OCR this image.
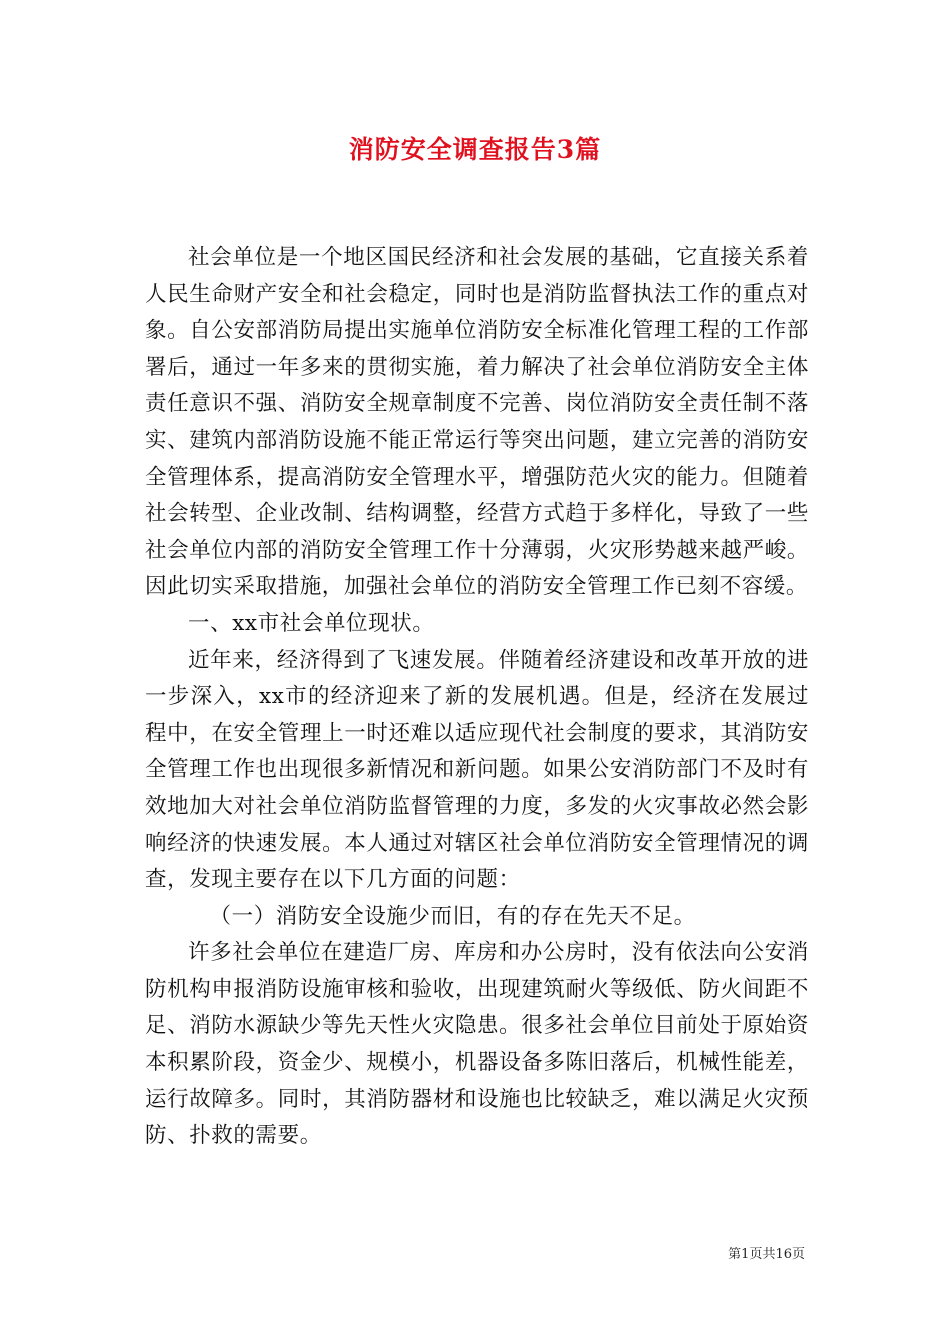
消防安全调查报告3篇

社会单位是一个地区国民经济和社会发展的基础，它直接关系着人民生命财产安全和社会稳定，同时也是消防监督执法工作的重点对象。自公安部消防局提出实施单位消防安全标准化管理工程的工作部署后，通过一年多来的贯彻实施，着力解决了社会单位消防安全主体责任意识不强、消防安全规章制度不完善、岗位消防安全责任制不落实、建筑内部消防设施不能正常运行等突出问题，建立完善的消防安全管理体系，提高消防安全管理水平，增强防范火灾的能力。但随着社会转型、企业改制、结构调整，经营方式趋于多样化，导致了一些社会单位内部的消防安全管理工作十分薄弱，火灾形势越来越严峻。因此切实采取措施，加强社会单位的消防安全管理工作已刻不容缓。

一、xx市社会单位现状。

近年来，经济得到了飞速发展。伴随着经济建设和改革开放的进一步深入，xx市的经济迎来了新的发展机遇。但是，经济在发展过程中，在安全管理上一时还难以适应现代社会制度的要求，其消防安全管理工作也出现很多新情况和新问题。如果公安消防部门不及时有效地加大对社会单位消防监督管理的力度，多发的火灾事故必然会影响经济的快速发展。本人通过对辖区社会单位消防安全管理情况的调查，发现主要存在以下几方面的问题：

（一）消防安全设施少而旧，有的存在先天不足。

许多社会单位在建造厂房、库房和办公房时，没有依法向公安消防机构申报消防设施审核和验收，出现建筑耐火等级低、防火间距不足、消防水源缺少等先天性火灾隐患。很多社会单位目前处于原始资本积累阶段，资金少、规模小，机器设备多陈旧落后，机械性能差，运行故障多。同时，其消防器材和设施也比较缺乏，难以满足火灾预防、扑救的需要。

第1页共16页
